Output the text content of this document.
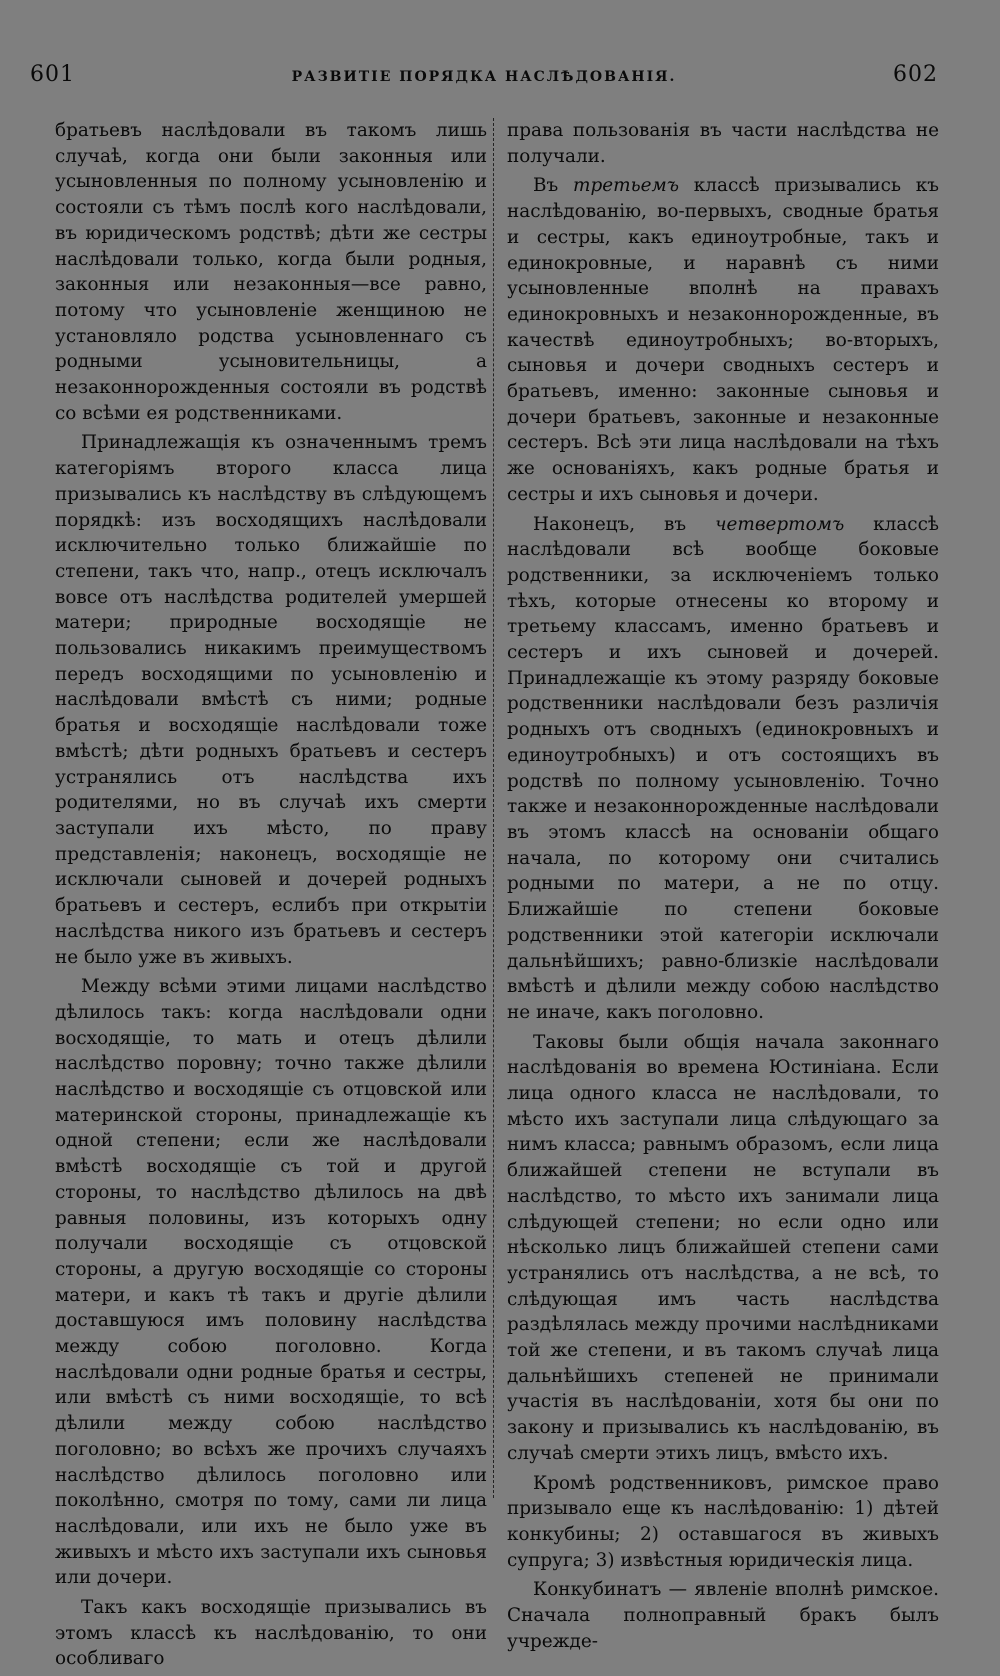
601	РАЗВИТІЕ ПОРЯДКА НАСЛѢДОВАНІЯ.	602

братьевъ наслѣдовали въ такомъ лишь случаѣ, когда они были законныя или усыновленныя по полному усыновленію и состояли съ тѣмъ послѣ кого наслѣдовали, въ юридическомъ родствѣ; дѣти же сестры наслѣдовали только, когда были родныя, законныя или незаконныя—все равно, потому что усыновленіе женщиною не установляло родства усыновленнаго съ родными усыновительницы, а незаконнорожденныя состояли въ родствѣ со всѣми ея родственниками.

Принадлежащія къ означеннымъ тремъ категоріямъ второго класса лица призывались къ наслѣдству въ слѣдующемъ порядкѣ: изъ восходящихъ наслѣдовали исключительно только ближайшіе по степени, такъ что, напр., отецъ исключалъ вовсе отъ наслѣдства родителей умершей матери; природные восходящіе не пользовались никакимъ преимуществомъ передъ восходящими по усыновленію и наслѣдовали вмѣстѣ съ ними; родные братья и восходящіе наслѣдовали тоже вмѣстѣ; дѣти родныхъ братьевъ и сестеръ устранялись отъ наслѣдства ихъ родителями, но въ случаѣ ихъ смерти заступали ихъ мѣсто, по праву представленія; наконецъ, восходящіе не исключали сыновей и дочерей родныхъ братьевъ и сестеръ, еслибъ при открытіи наслѣдства никого изъ братьевъ и сестеръ не было уже въ живыхъ.

Между всѣми этими лицами наслѣдство дѣлилось такъ: когда наслѣдовали одни восходящіе, то мать и отецъ дѣлили наслѣдство поровну; точно также дѣлили наслѣдство и восходящіе съ отцовской или материнской стороны, принадлежащіе къ одной степени; если же наслѣдовали вмѣстѣ восходящіе съ той и другой стороны, то наслѣдство дѣлилось на двѣ равныя половины, изъ которыхъ одну получали восходящіе съ отцовской стороны, а другую восходящіе со стороны матери, и какъ тѣ такъ и другіе дѣлили доставшуюся имъ половину наслѣдства между собою поголовно. Когда наслѣдовали одни родные братья и сестры, или вмѣстѣ съ ними восходящіе, то всѣ дѣлили между собою наслѣдство поголовно; во всѣхъ же прочихъ случаяхъ наслѣдство дѣлилось поголовно или поколѣнно, смотря по тому, сами ли лица наслѣдовали, или ихъ не было уже въ живыхъ и мѣсто ихъ заступали ихъ сыновья или дочери.

Такъ какъ восходящіе призывались въ этомъ классѣ къ наслѣдованію, то они особливаго

права пользованія въ части наслѣдства не получали.

Въ третьемъ классѣ призывались къ наслѣдованію, во-первыхъ, сводные братья и сестры, какъ единоутробные, такъ и единокровные, и наравнѣ съ ними усыновленные вполнѣ на правахъ единокровныхъ и незаконнорожденные, въ качествѣ единоутробныхъ; во-вторыхъ, сыновья и дочери сводныхъ сестеръ и братьевъ, именно: законные сыновья и дочери братьевъ, законные и незаконные сестеръ. Всѣ эти лица наслѣдовали на тѣхъ же основаніяхъ, какъ родные братья и сестры и ихъ сыновья и дочери.

Наконецъ, въ четвертомъ классѣ наслѣдовали всѣ вообще боковые родственники, за исключеніемъ только тѣхъ, которые отнесены ко второму и третьему классамъ, именно братьевъ и сестеръ и ихъ сыновей и дочерей. Принадлежащіе къ этому разряду боковые родственники наслѣдовали безъ различія родныхъ отъ сводныхъ (единокровныхъ и единоутробныхъ) и отъ состоящихъ въ родствѣ по полному усыновленію. Точно также и незаконнорожденные наслѣдовали въ этомъ классѣ на основаніи общаго начала, по которому они считались родными по матери, а не по отцу. Ближайшіе по степени боковые родственники этой категоріи исключали дальнѣйшихъ; равно-близкіе наслѣдовали вмѣстѣ и дѣлили между собою наслѣдство не иначе, какъ поголовно.

Таковы были общія начала законнаго наслѣдованія во времена Юстиніана. Если лица одного класса не наслѣдовали, то мѣсто ихъ заступали лица слѣдующаго за нимъ класса; равнымъ образомъ, если лица ближайшей степени не вступали въ наслѣдство, то мѣсто ихъ занимали лица слѣдующей степени; но если одно или нѣсколько лицъ ближайшей степени сами устранялись отъ наслѣдства, а не всѣ, то слѣдующая имъ часть наслѣдства раздѣлялась между прочими наслѣдниками той же степени, и въ такомъ случаѣ лица дальнѣйшихъ степеней не принимали участія въ наслѣдованіи, хотя бы они по закону и призывались къ наслѣдованію, въ случаѣ смерти этихъ лицъ, вмѣсто ихъ.

Кромѣ родственниковъ, римское право призывало еще къ наслѣдованію: 1) дѣтей конкубины; 2) оставшагося въ живыхъ супруга; 3) извѣстныя юридическія лица.

Конкубинатъ — явленіе вполнѣ римское. Сначала полноправный бракъ былъ учрежде-
